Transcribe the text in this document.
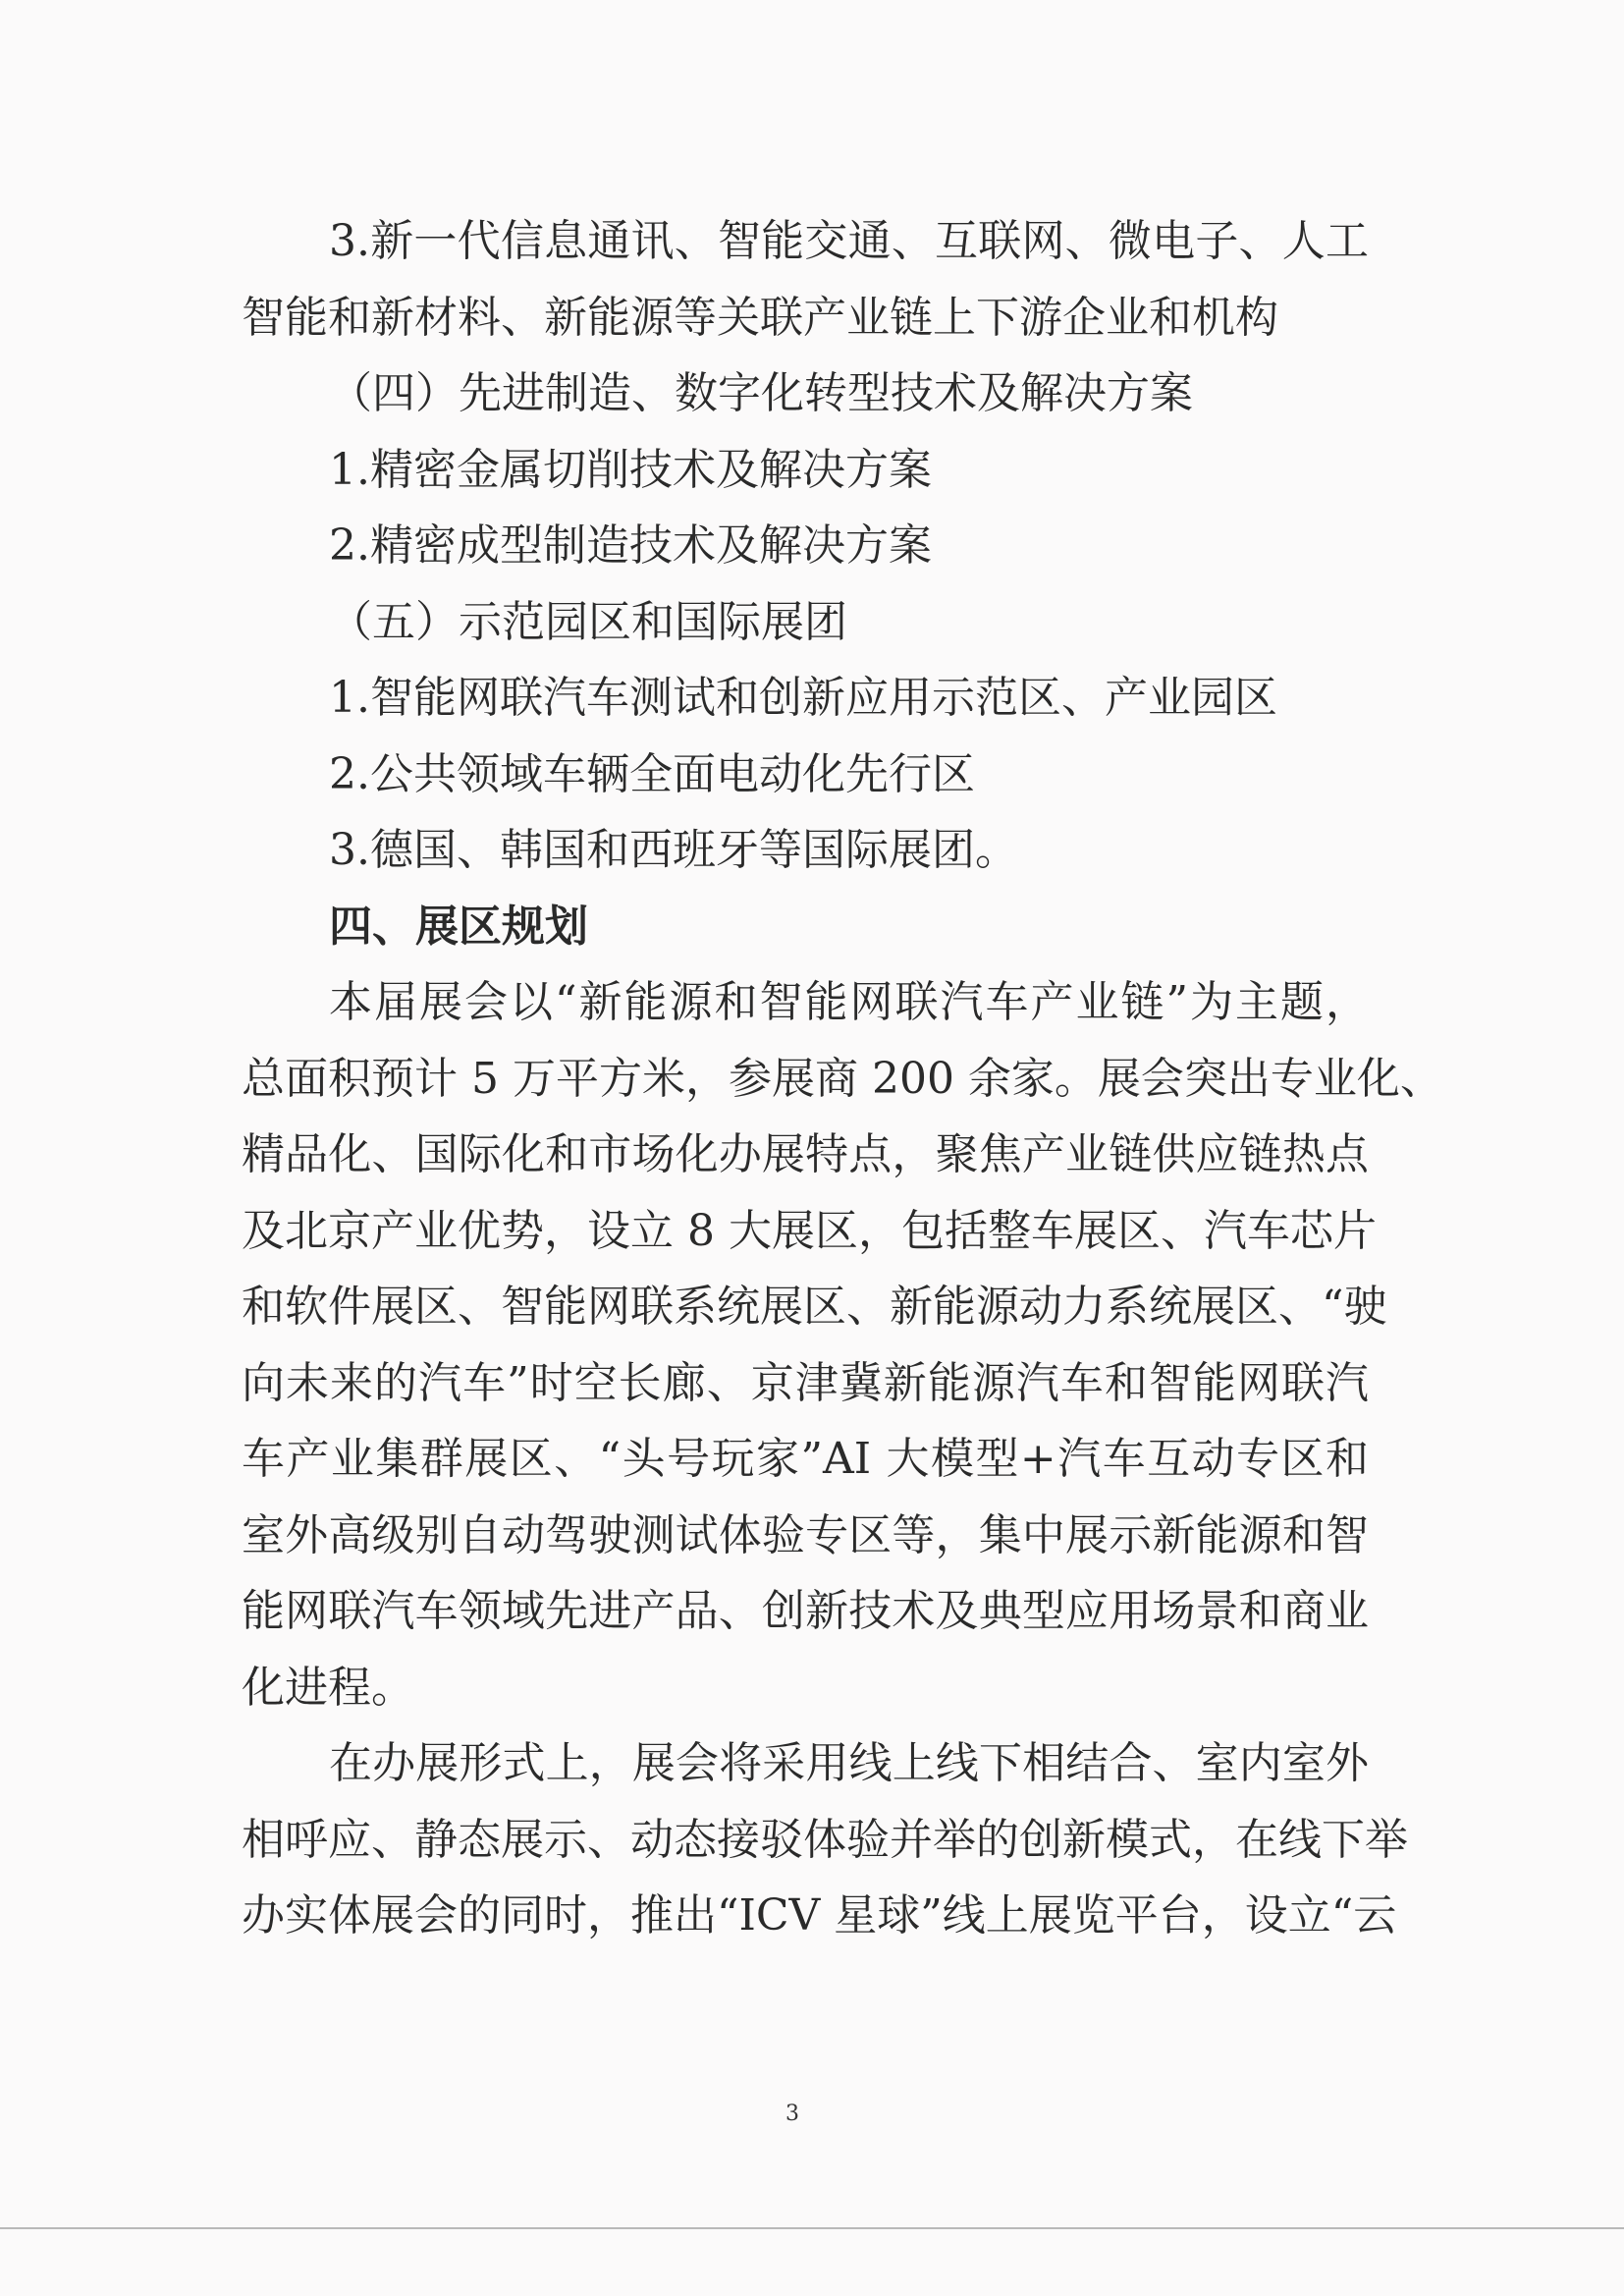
3.新一代信息通讯、智能交通、互联网、微电子、人工
智能和新材料、新能源等关联产业链上下游企业和机构
（四）先进制造、数字化转型技术及解决方案
1.精密金属切削技术及解决方案
2.精密成型制造技术及解决方案
（五）示范园区和国际展团
1.智能网联汽车测试和创新应用示范区、产业园区
2.公共领域车辆全面电动化先行区
3.德国、韩国和西班牙等国际展团。
四、展区规划
本届展会以“新能源和智能网联汽车产业链”为主题，
总面积预计 5 万平方米，参展商 200 余家。展会突出专业化、
精品化、国际化和市场化办展特点，聚焦产业链供应链热点
及北京产业优势，设立 8 大展区，包括整车展区、汽车芯片
和软件展区、智能网联系统展区、新能源动力系统展区、“驶
向未来的汽车”时空长廊、京津冀新能源汽车和智能网联汽
车产业集群展区、“头号玩家”AI 大模型+汽车互动专区和
室外高级别自动驾驶测试体验专区等，集中展示新能源和智
能网联汽车领域先进产品、创新技术及典型应用场景和商业
化进程。
在办展形式上，展会将采用线上线下相结合、室内室外
相呼应、静态展示、动态接驳体验并举的创新模式，在线下举
办实体展会的同时，推出“ICV 星球”线上展览平台，设立“云
3
